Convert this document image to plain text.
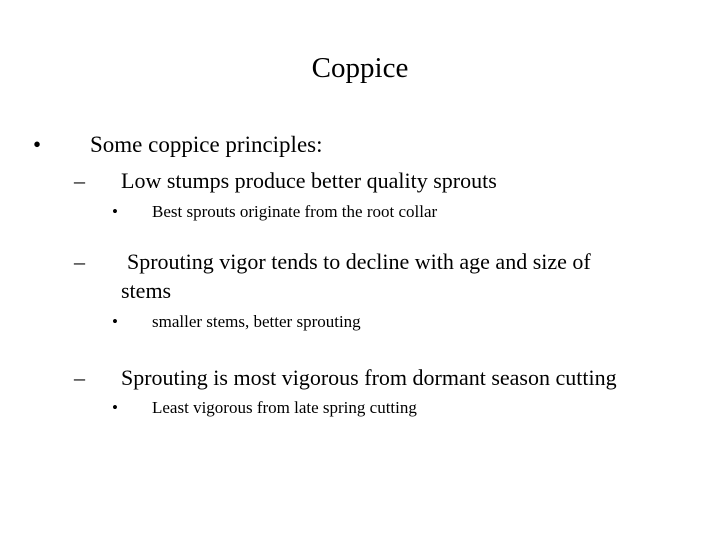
Coppice
• Some coppice principles:
– Low stumps produce better quality sprouts
• Best sprouts originate from the root collar
– Sprouting vigor tends to decline with age and size of
stems
• smaller stems, better sprouting
– Sprouting is most vigorous from dormant season cutting
• Least vigorous from late spring cutting
